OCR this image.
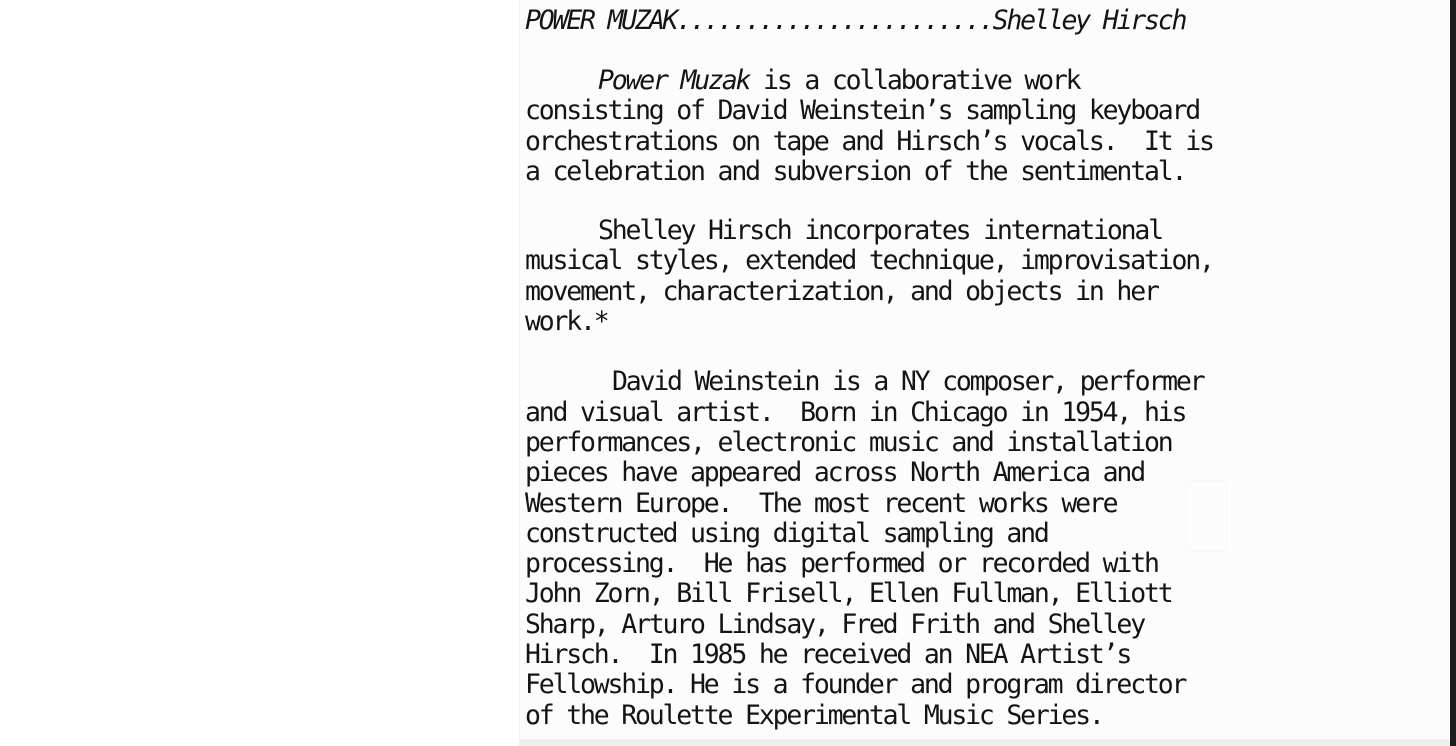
POWER MUZAK.......................Shelley Hirsch
Power Muzak is a collaborative work
consisting of David Weinstein’s sampling keyboard
orchestrations on tape and Hirsch’s vocals.  It is
a celebration and subversion of the sentimental.
Shelley Hirsch incorporates international
musical styles, extended technique, improvisation,
movement, characterization, and objects in her
work.*
David Weinstein is a NY composer, performer
and visual artist.  Born in Chicago in 1954, his
performances, electronic music and installation
pieces have appeared across North America and
Western Europe.  The most recent works were
constructed using digital sampling and
processing.  He has performed or recorded with
John Zorn, Bill Frisell, Ellen Fullman, Elliott
Sharp, Arturo Lindsay, Fred Frith and Shelley
Hirsch.  In 1985 he received an NEA Artist’s
Fellowship. He is a founder and program director
of the Roulette Experimental Music Series.
